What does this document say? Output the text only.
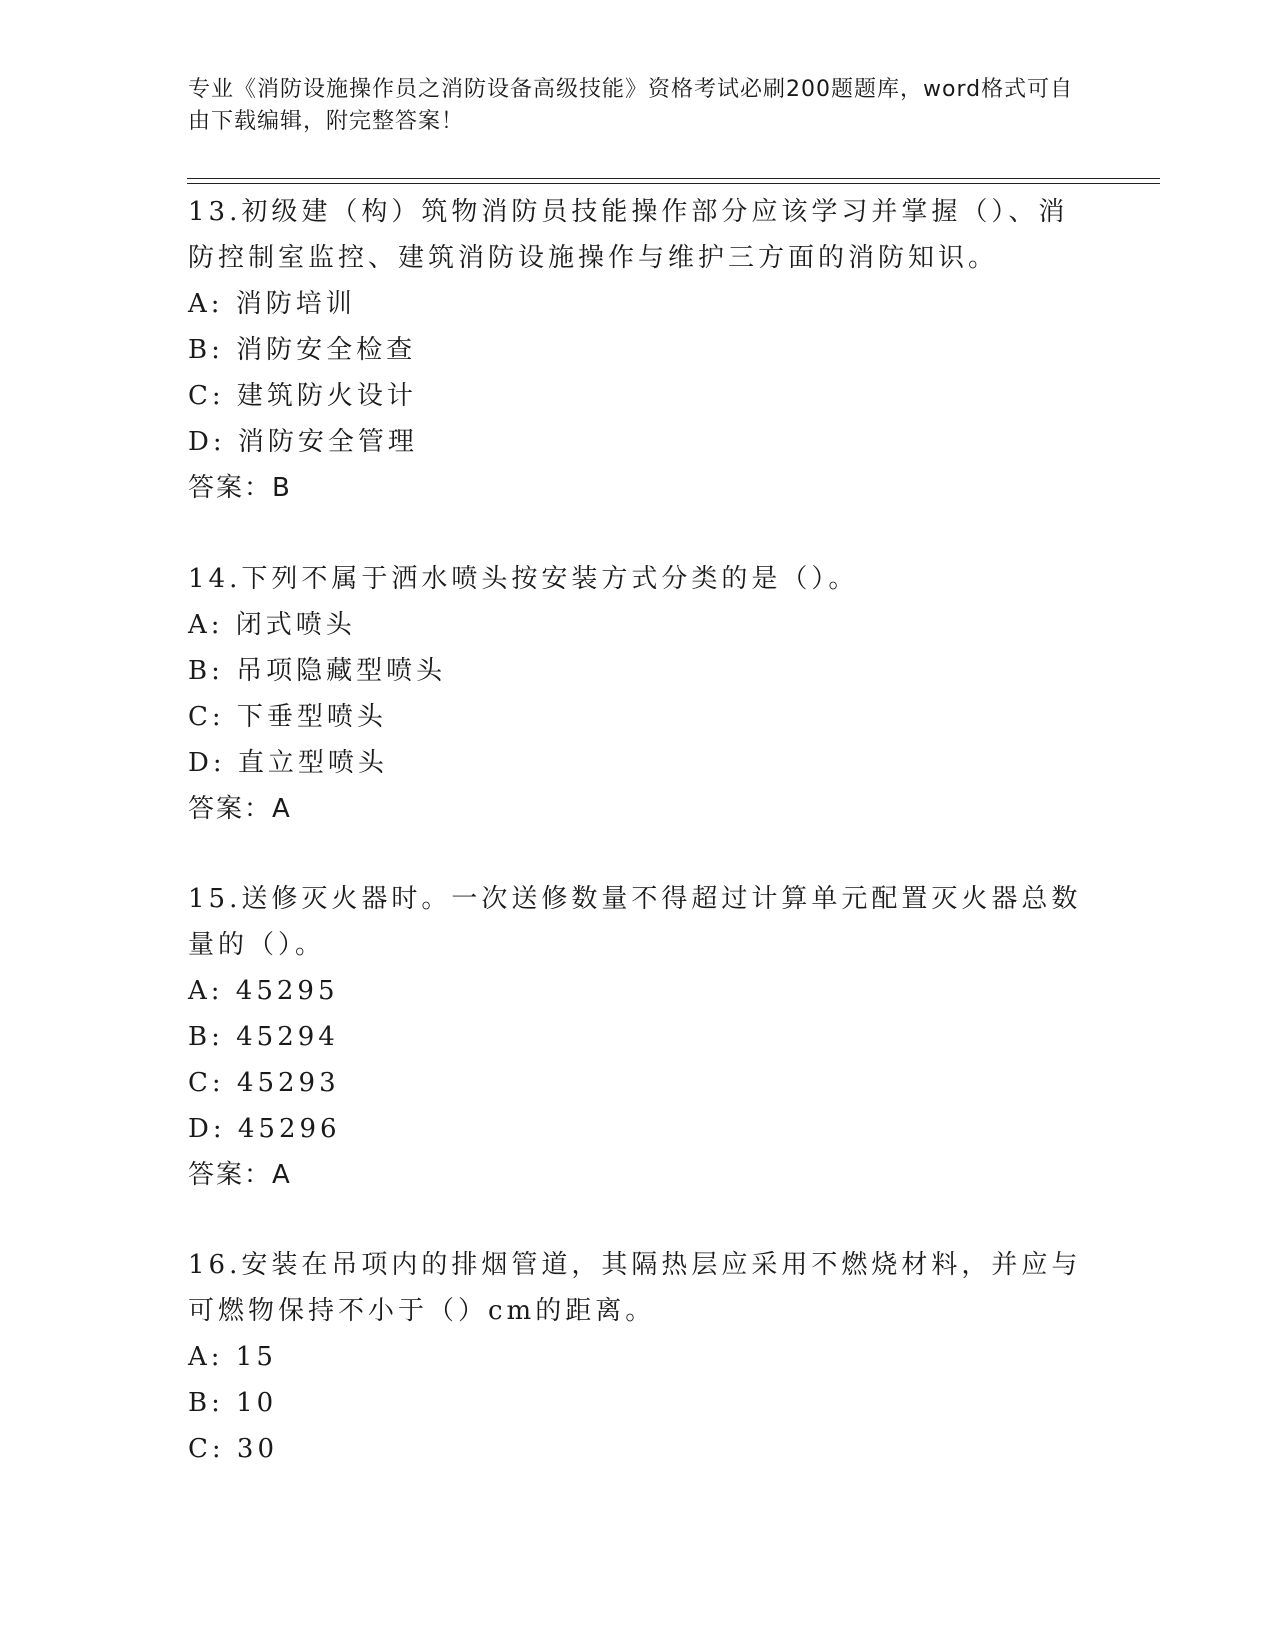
专业《消防设施操作员之消防设备高级技能》资格考试必刷200题题库，word格式可自由下载编辑，附完整答案！

13.初级建（构）筑物消防员技能操作部分应该学习并掌握（）、消防控制室监控、建筑消防设施操作与维护三方面的消防知识。

A: 消防培训
B: 消防安全检查
C: 建筑防火设计
D: 消防安全管理
答案：B

14.下列不属于洒水喷头按安装方式分类的是（）。

A: 闭式喷头
B: 吊项隐藏型喷头
C: 下垂型喷头
D: 直立型喷头
答案：A

15.送修灭火器时。一次送修数量不得超过计算单元配置灭火器总数量的（）。

A: 45295
B: 45294
C: 45293
D: 45296
答案：A

16.安装在吊项内的排烟管道，其隔热层应采用不燃烧材料，并应与可燃物保持不小于（）cm的距离。

A: 15
B: 10
C: 30
